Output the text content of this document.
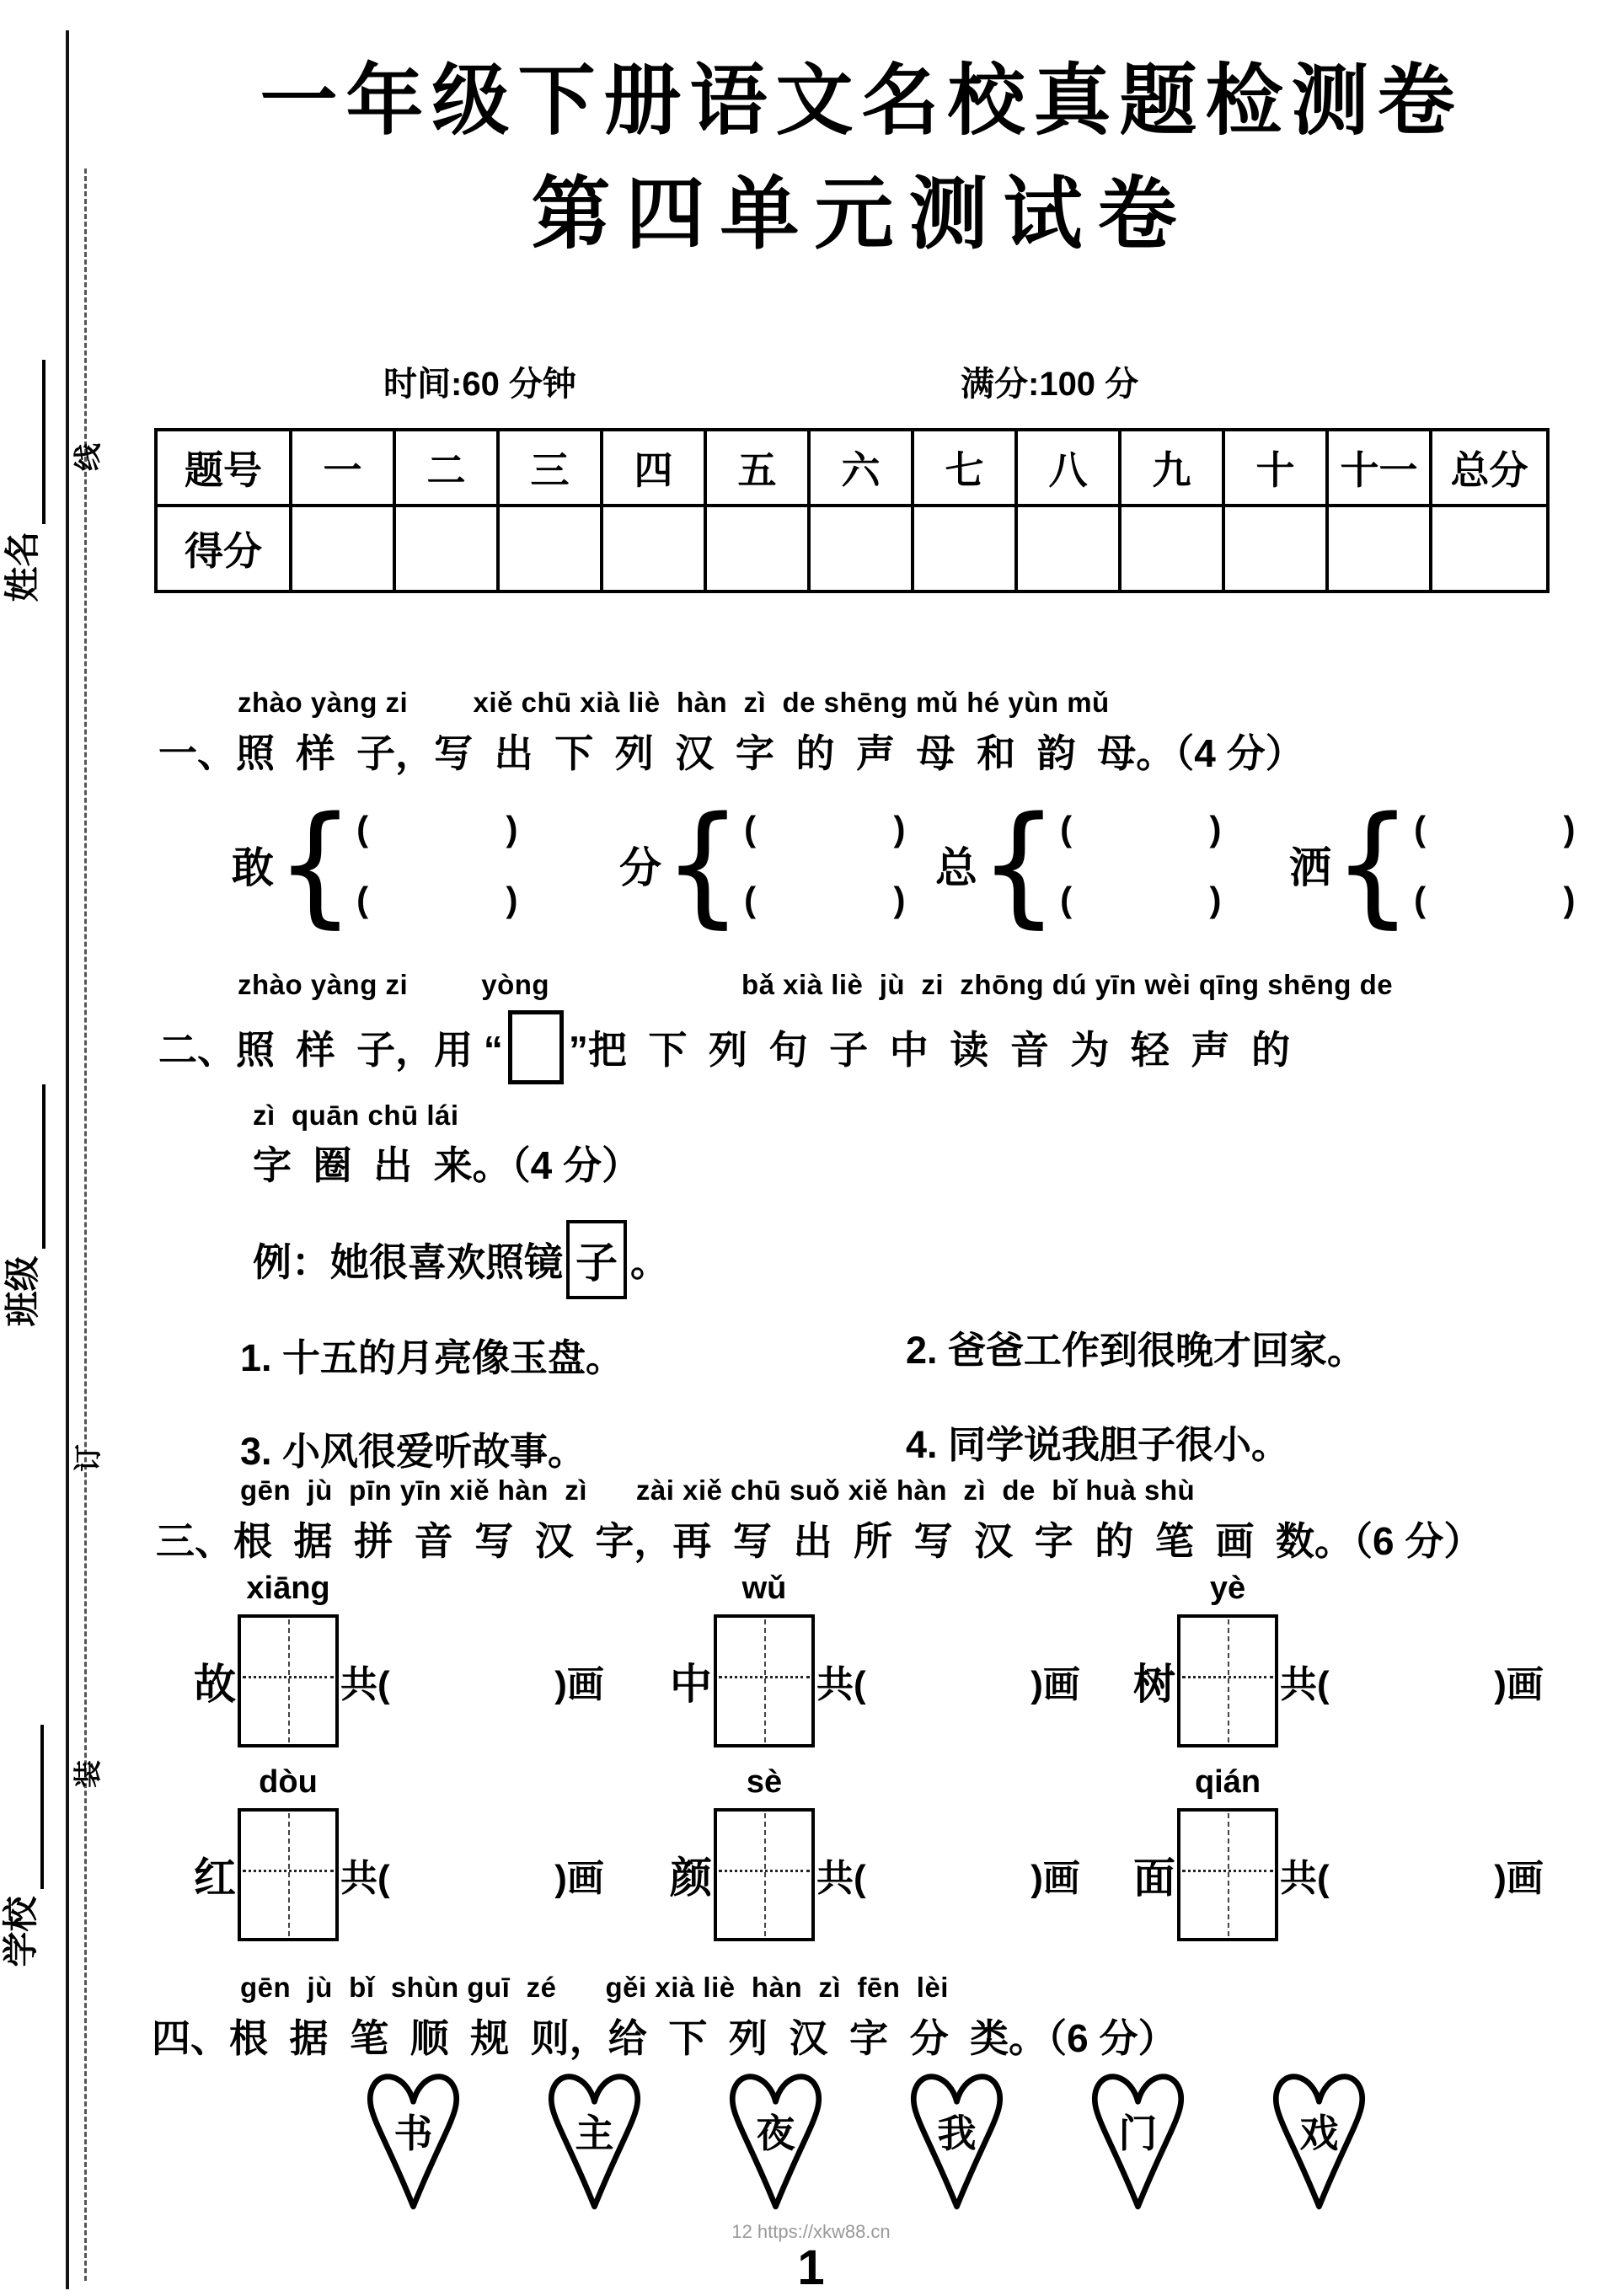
姓名
班级
学校
线
订
装
一年级下册语文名校真题检测卷
第四单元测试卷
时间:60 分钟	满分:100 分
题号	一	二	三	四	五	六	七	八	九	十	十一	总分
得分												
zhào yàng zi        xiě chū xià liè  hàn  zì  de shēng mǔ hé yùn mǔ
一、照  样  子，写  出  下  列  汉  字  的  声  母  和  韵  母。（4 分）
敢
{
(              )
(              )
分
{
(              )
(              )
总
{
(              )
(              )
洒
{
(              )
(              )
zhào yàng zi         yòng	bǎ xià liè  jù  zi  zhōng dú yīn wèi qīng shēng de
二、照  样  子，用 “ ”把  下  列  句  子  中  读  音  为  轻  声  的
zì  quān chū lái
字  圈  出  来。（4 分）
例：她很喜欢照镜 子 。
1. 十五的月亮像玉盘。	2. 爸爸工作到很晚才回家。
3. 小风很爱听故事。	4. 同学说我胆子很小。
gēn  jù  pīn yīn xiě hàn  zì      zài xiě chū suǒ xiě hàn  zì  de  bǐ huà shù
三、根  据  拼  音  写  汉  字，再  写  出  所  写  汉  字  的  笔  画  数。（6 分）
故
xiāng
共(                )画 中
wǔ
共(                )画 树
yè
共(                )画
红
dòu
共(                )画 颜
sè
共(                )画 面
qián
共(                )画
gēn  jù  bǐ  shùn guī  zé      gěi xià liè  hàn  zì  fēn  lèi
四、根  据  笔  顺  规  则，给  下  列  汉  字  分  类。（6 分）
书	主	夜	我	门	戏
12 https://xkw88.cn
1
